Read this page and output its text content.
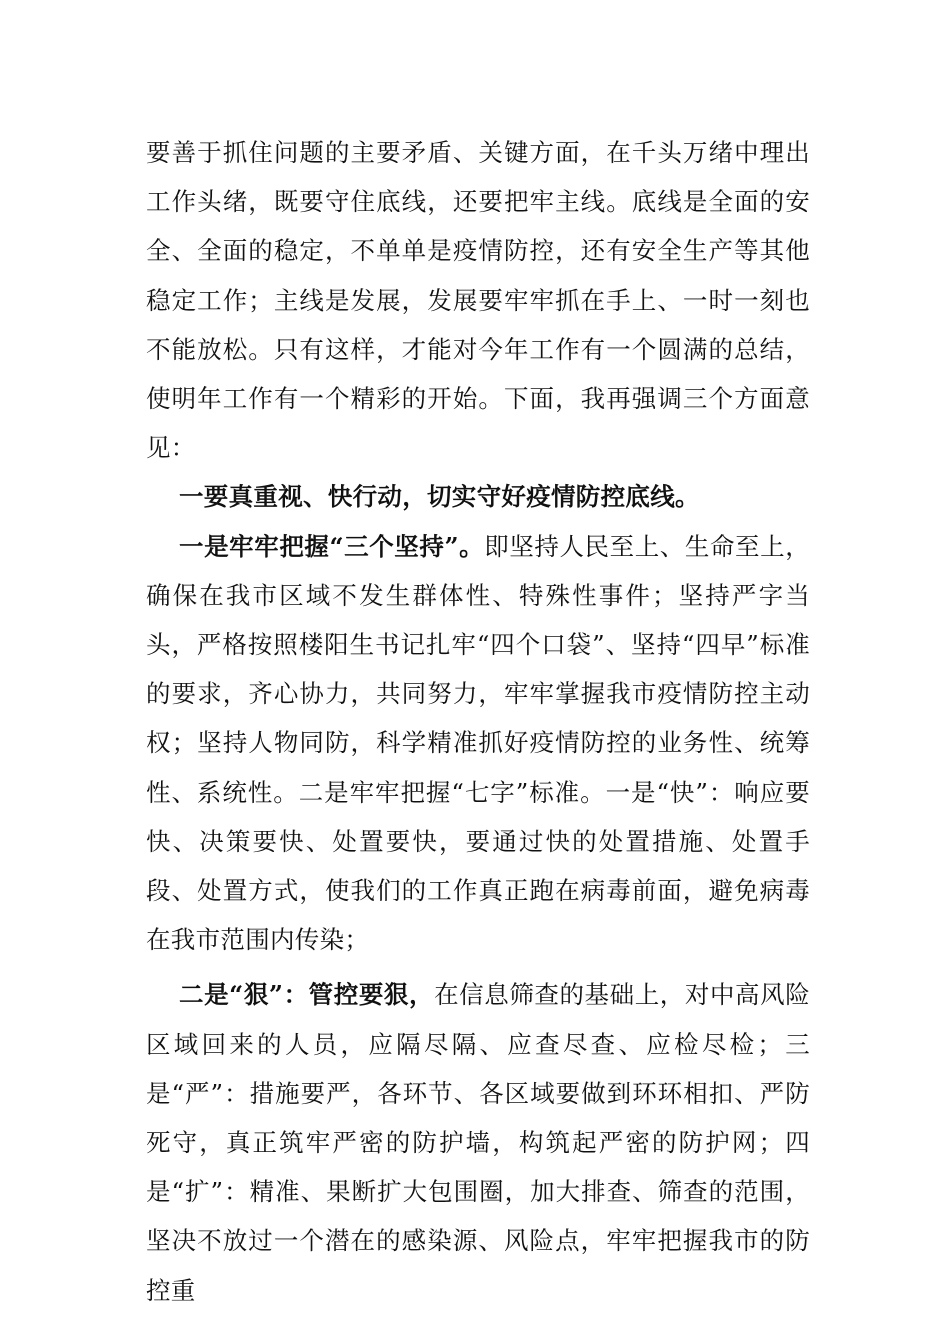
要善于抓住问题的主要矛盾、关键方面，在千头万绪中理出工作头绪，既要守住底线，还要把牢主线。底线是全面的安全、全面的稳定，不单单是疫情防控，还有安全生产等其他稳定工作；主线是发展，发展要牢牢抓在手上、一时一刻也不能放松。只有这样，才能对今年工作有一个圆满的总结，使明年工作有一个精彩的开始。下面，我再强调三个方面意见：

一要真重视、快行动，切实守好疫情防控底线。

一是牢牢把握“三个坚持”。即坚持人民至上、生命至上，确保在我市区域不发生群体性、特殊性事件；坚持严字当头，严格按照楼阳生书记扎牢“四个口袋”、坚持“四早”标准的要求，齐心协力，共同努力，牢牢掌握我市疫情防控主动权；坚持人物同防，科学精准抓好疫情防控的业务性、统筹性、系统性。二是牢牢把握“七字”标准。一是“快”：响应要快、决策要快、处置要快，要通过快的处置措施、处置手段、处置方式，使我们的工作真正跑在病毒前面，避免病毒在我市范围内传染；

二是“狠”：管控要狠，在信息筛查的基础上，对中高风险区域回来的人员，应隔尽隔、应查尽查、应检尽检；三是“严”：措施要严，各环节、各区域要做到环环相扣、严防死守，真正筑牢严密的防护墙，构筑起严密的防护网；四是“扩”：精准、果断扩大包围圈，加大排查、筛查的范围，坚决不放过一个潜在的感染源、风险点，牢牢把握我市的防控重
